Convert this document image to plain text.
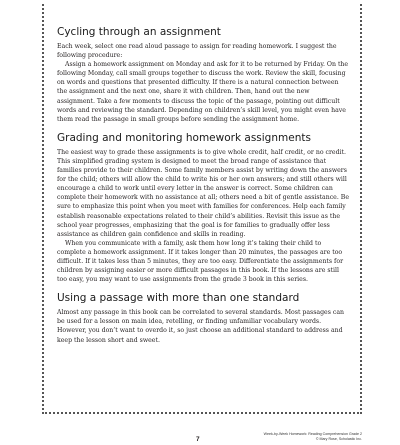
Cycling through an assignment

Each week, select one read aloud passage to assign for reading homework. I suggest the following procedure:

Assign a homework assignment on Monday and ask for it to be returned by Friday. On the following Monday, call small groups together to discuss the work. Review the skill, focusing on words and questions that presented difficulty. If there is a natural connection between the assignment and the next one, share it with children. Then, hand out the new assignment. Take a few moments to discuss the topic of the passage, pointing out difficult words and reviewing the standard. Depending on children’s skill level, you might even have them read the passage in small groups before sending the assignment home.

Grading and monitoring homework assignments

The easiest way to grade these assignments is to give whole credit, half credit, or no credit. This simplified grading system is designed to meet the broad range of assistance that families provide to their children. Some family members assist by writing down the answers for the child; others will allow the child to write his or her own answers; and still others will encourage a child to work until every letter in the answer is correct. Some children can complete their homework with no assistance at all; others need a bit of gentle assistance. Be sure to emphasize this point when you meet with families for conferences. Help each family establish reasonable expectations related to their child’s abilities. Revisit this issue as the school year progresses, emphasizing that the goal is for families to gradually offer less assistance as children gain confidence and skills in reading.

When you communicate with a family, ask them how long it’s taking their child to complete a homework assignment. If it takes longer than 20 minutes, the passages are too difficult. If it takes less than 5 minutes, they are too easy. Differentiate the assignments for children by assigning easier or more difficult passages in this book. If the lessons are still too easy, you may want to use assignments from the grade 3 book in this series.

Using a passage with more than one standard

Almost any passage in this book can be correlated to several standards. Most passages can be used for a lesson on main idea, retelling, or finding unfamiliar vocabulary words. However, you don’t want to overdo it, so just choose an additional standard to address and keep the lesson short and sweet.

7
Week-by-Week Homework: Reading Comprehension Grade 2
© Mary Rose, Scholastic Inc.
